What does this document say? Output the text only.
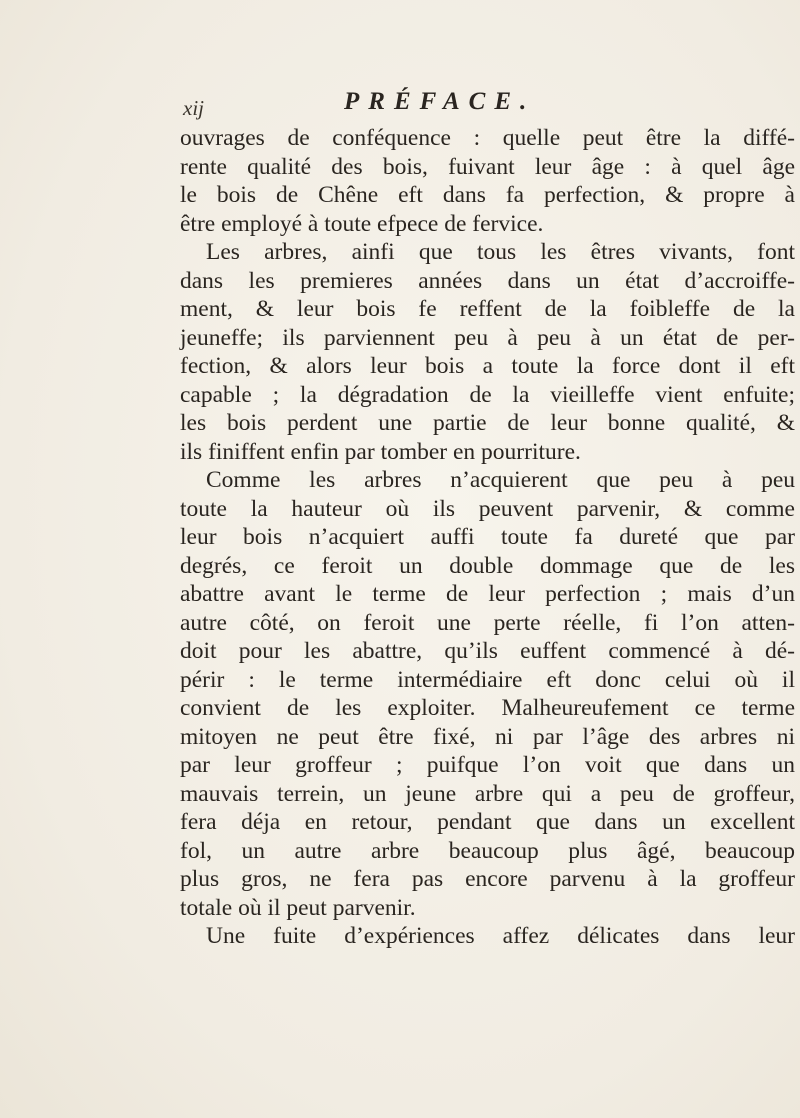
xij	PRÉFACE.
ouvrages de conféquence : quelle peut être la diffé-
rente qualité des bois, fuivant leur âge : à quel âge
le bois de Chêne eft dans fa perfection, & propre à
être employé à toute efpece de fervice.
Les arbres, ainfi que tous les êtres vivants, font
dans les premieres années dans un état d’accroiffe-
ment, & leur bois fe reffent de la foibleffe de la
jeuneffe; ils parviennent peu à peu à un état de per-
fection, & alors leur bois a toute la force dont il eft
capable ; la dégradation de la vieilleffe vient enfuite;
les bois perdent une partie de leur bonne qualité, &
ils finiffent enfin par tomber en pourriture.
Comme les arbres n’acquierent que peu à peu
toute la hauteur où ils peuvent parvenir, & comme
leur bois n’acquiert auffi toute fa dureté que par
degrés, ce feroit un double dommage que de les
abattre avant le terme de leur perfection ; mais d’un
autre côté, on feroit une perte réelle, fi l’on atten-
doit pour les abattre, qu’ils euffent commencé à dé-
périr : le terme intermédiaire eft donc celui où il
convient de les exploiter. Malheureufement ce terme
mitoyen ne peut être fixé, ni par l’âge des arbres ni
par leur groffeur ; puifque l’on voit que dans un
mauvais terrein, un jeune arbre qui a peu de groffeur,
fera déja en retour, pendant que dans un excellent
fol, un autre arbre beaucoup plus âgé, beaucoup
plus gros, ne fera pas encore parvenu à la groffeur
totale où il peut parvenir.
Une fuite d’expériences affez délicates dans leur
